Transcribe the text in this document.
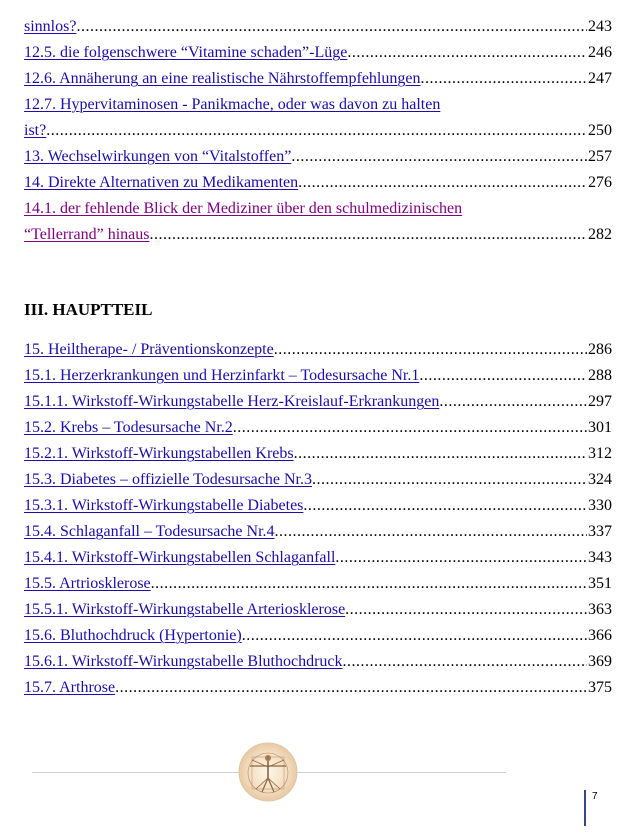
sinnlos? .....	243
12.5. die folgenschwere “Vitamine schaden”-Lüge .....	246
12.6. Annäherung an eine realistische Nährstoffempfehlungen .....	247
12.7. Hypervitaminosen - Panikmache, oder was davon zu halten
ist? .....	250
13. Wechselwirkungen von “Vitalstoffen” .....	257
14. Direkte Alternativen zu Medikamenten .....	276
14.1. der fehlende Blick der Mediziner über den schulmedizinischen
“Tellerrand” hinaus .....	282
III. HAUPTTEIL
15. Heiltherape- / Präventionskonzepte .....	286
15.1. Herzerkrankungen und Herzinfarkt – Todesursache Nr.1 .....	288
15.1.1. Wirkstoff-Wirkungstabelle Herz-Kreislauf-Erkrankungen .....	297
15.2. Krebs – Todesursache Nr.2 .....	301
15.2.1. Wirkstoff-Wirkungstabellen Krebs .....	312
15.3. Diabetes – offizielle Todesursache Nr.3 .....	324
15.3.1. Wirkstoff-Wirkungstabelle Diabetes .....	330
15.4. Schlaganfall – Todesursache Nr.4 .....	337
15.4.1. Wirkstoff-Wirkungstabellen Schlaganfall .....	343
15.5. Artriosklerose .....	351
15.5.1. Wirkstoff-Wirkungstabelle Arteriosklerose .....	363
15.6. Bluthochdruck (Hypertonie) .....	366
15.6.1. Wirkstoff-Wirkungstabelle Bluthochdruck .....	369
15.7. Arthrose .....	375
7
